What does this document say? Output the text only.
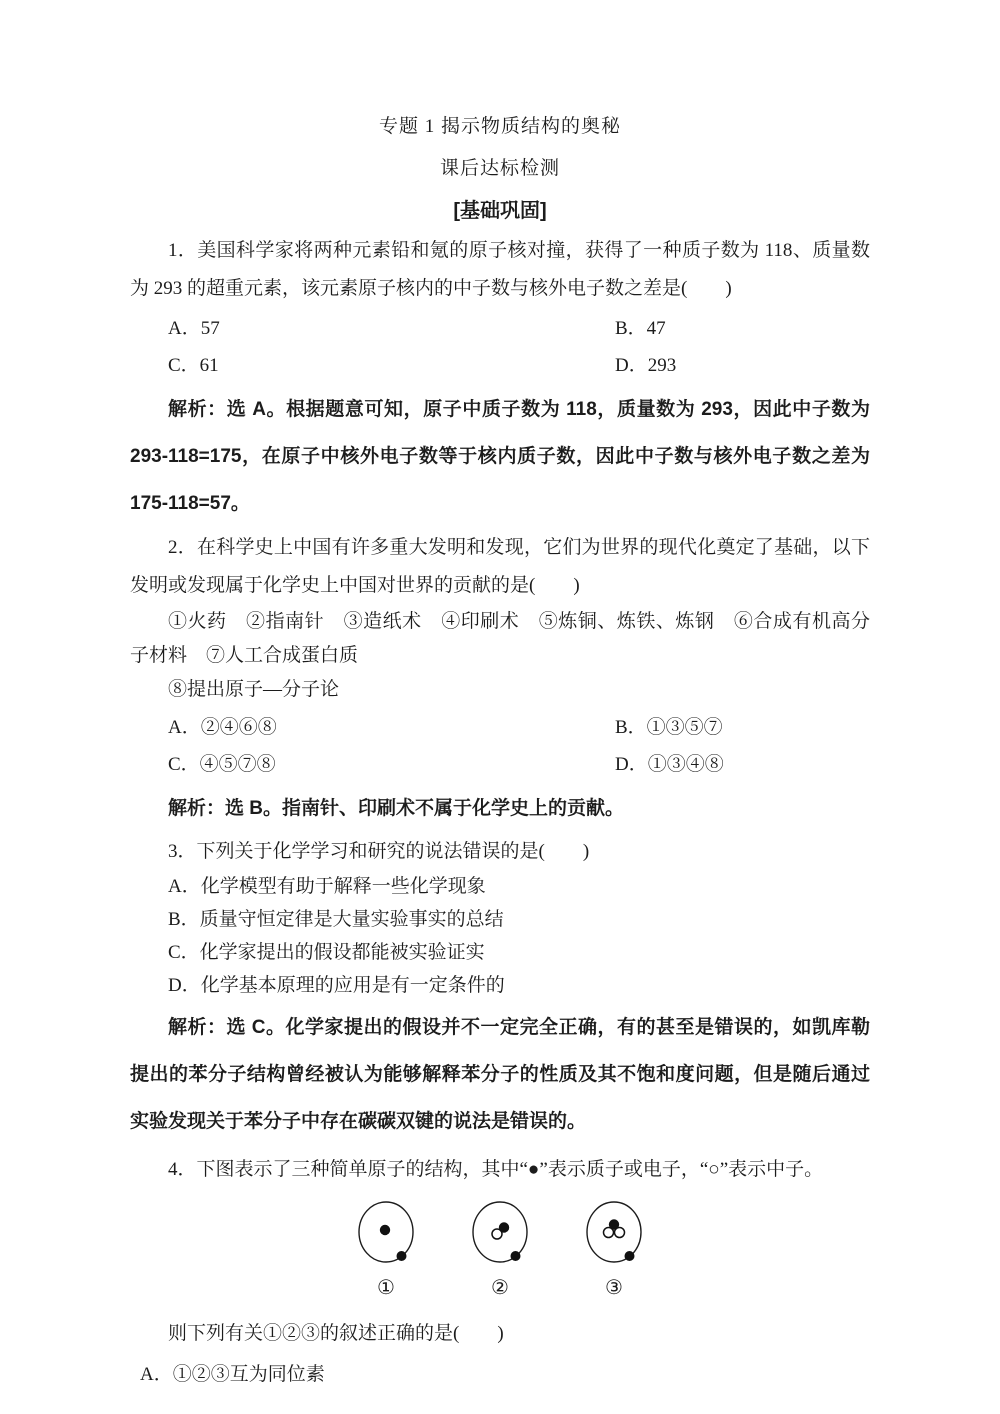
专题 1 揭示物质结构的奥秘

课后达标检测

[基础巩固]

1．美国科学家将两种元素铅和氪的原子核对撞，获得了一种质子数为 118、质量数为 293 的超重元素，该元素原子核内的中子数与核外电子数之差是(　　)

A．57	B．47
C．61	D．293

解析：选 A。根据题意可知，原子中质子数为 118，质量数为 293，因此中子数为 293-118=175，在原子中核外电子数等于核内质子数，因此中子数与核外电子数之差为 175-118=57。

2．在科学史上中国有许多重大发明和发现，它们为世界的现代化奠定了基础，以下发明或发现属于化学史上中国对世界的贡献的是(　　)

①火药　②指南针　③造纸术　④印刷术　⑤炼铜、炼铁、炼钢　⑥合成有机高分子材料　⑦人工合成蛋白质

⑧提出原子—分子论

A．②④⑥⑧	B．①③⑤⑦
C．④⑤⑦⑧	D．①③④⑧

解析：选 B。指南针、印刷术不属于化学史上的贡献。

3．下列关于化学学习和研究的说法错误的是(　　)

A．化学模型有助于解释一些化学现象

B．质量守恒定律是大量实验事实的总结

C．化学家提出的假设都能被实验证实

D．化学基本原理的应用是有一定条件的

解析：选 C。化学家提出的假设并不一定完全正确，有的甚至是错误的，如凯库勒提出的苯分子结构曾经被认为能够解释苯分子的性质及其不饱和度问题，但是随后通过实验发现关于苯分子中存在碳碳双键的说法是错误的。

4．下图表示了三种简单原子的结构，其中“●”表示质子或电子，“○”表示中子。

①	②	③

则下列有关①②③的叙述正确的是(　　)

A．①②③互为同位素
